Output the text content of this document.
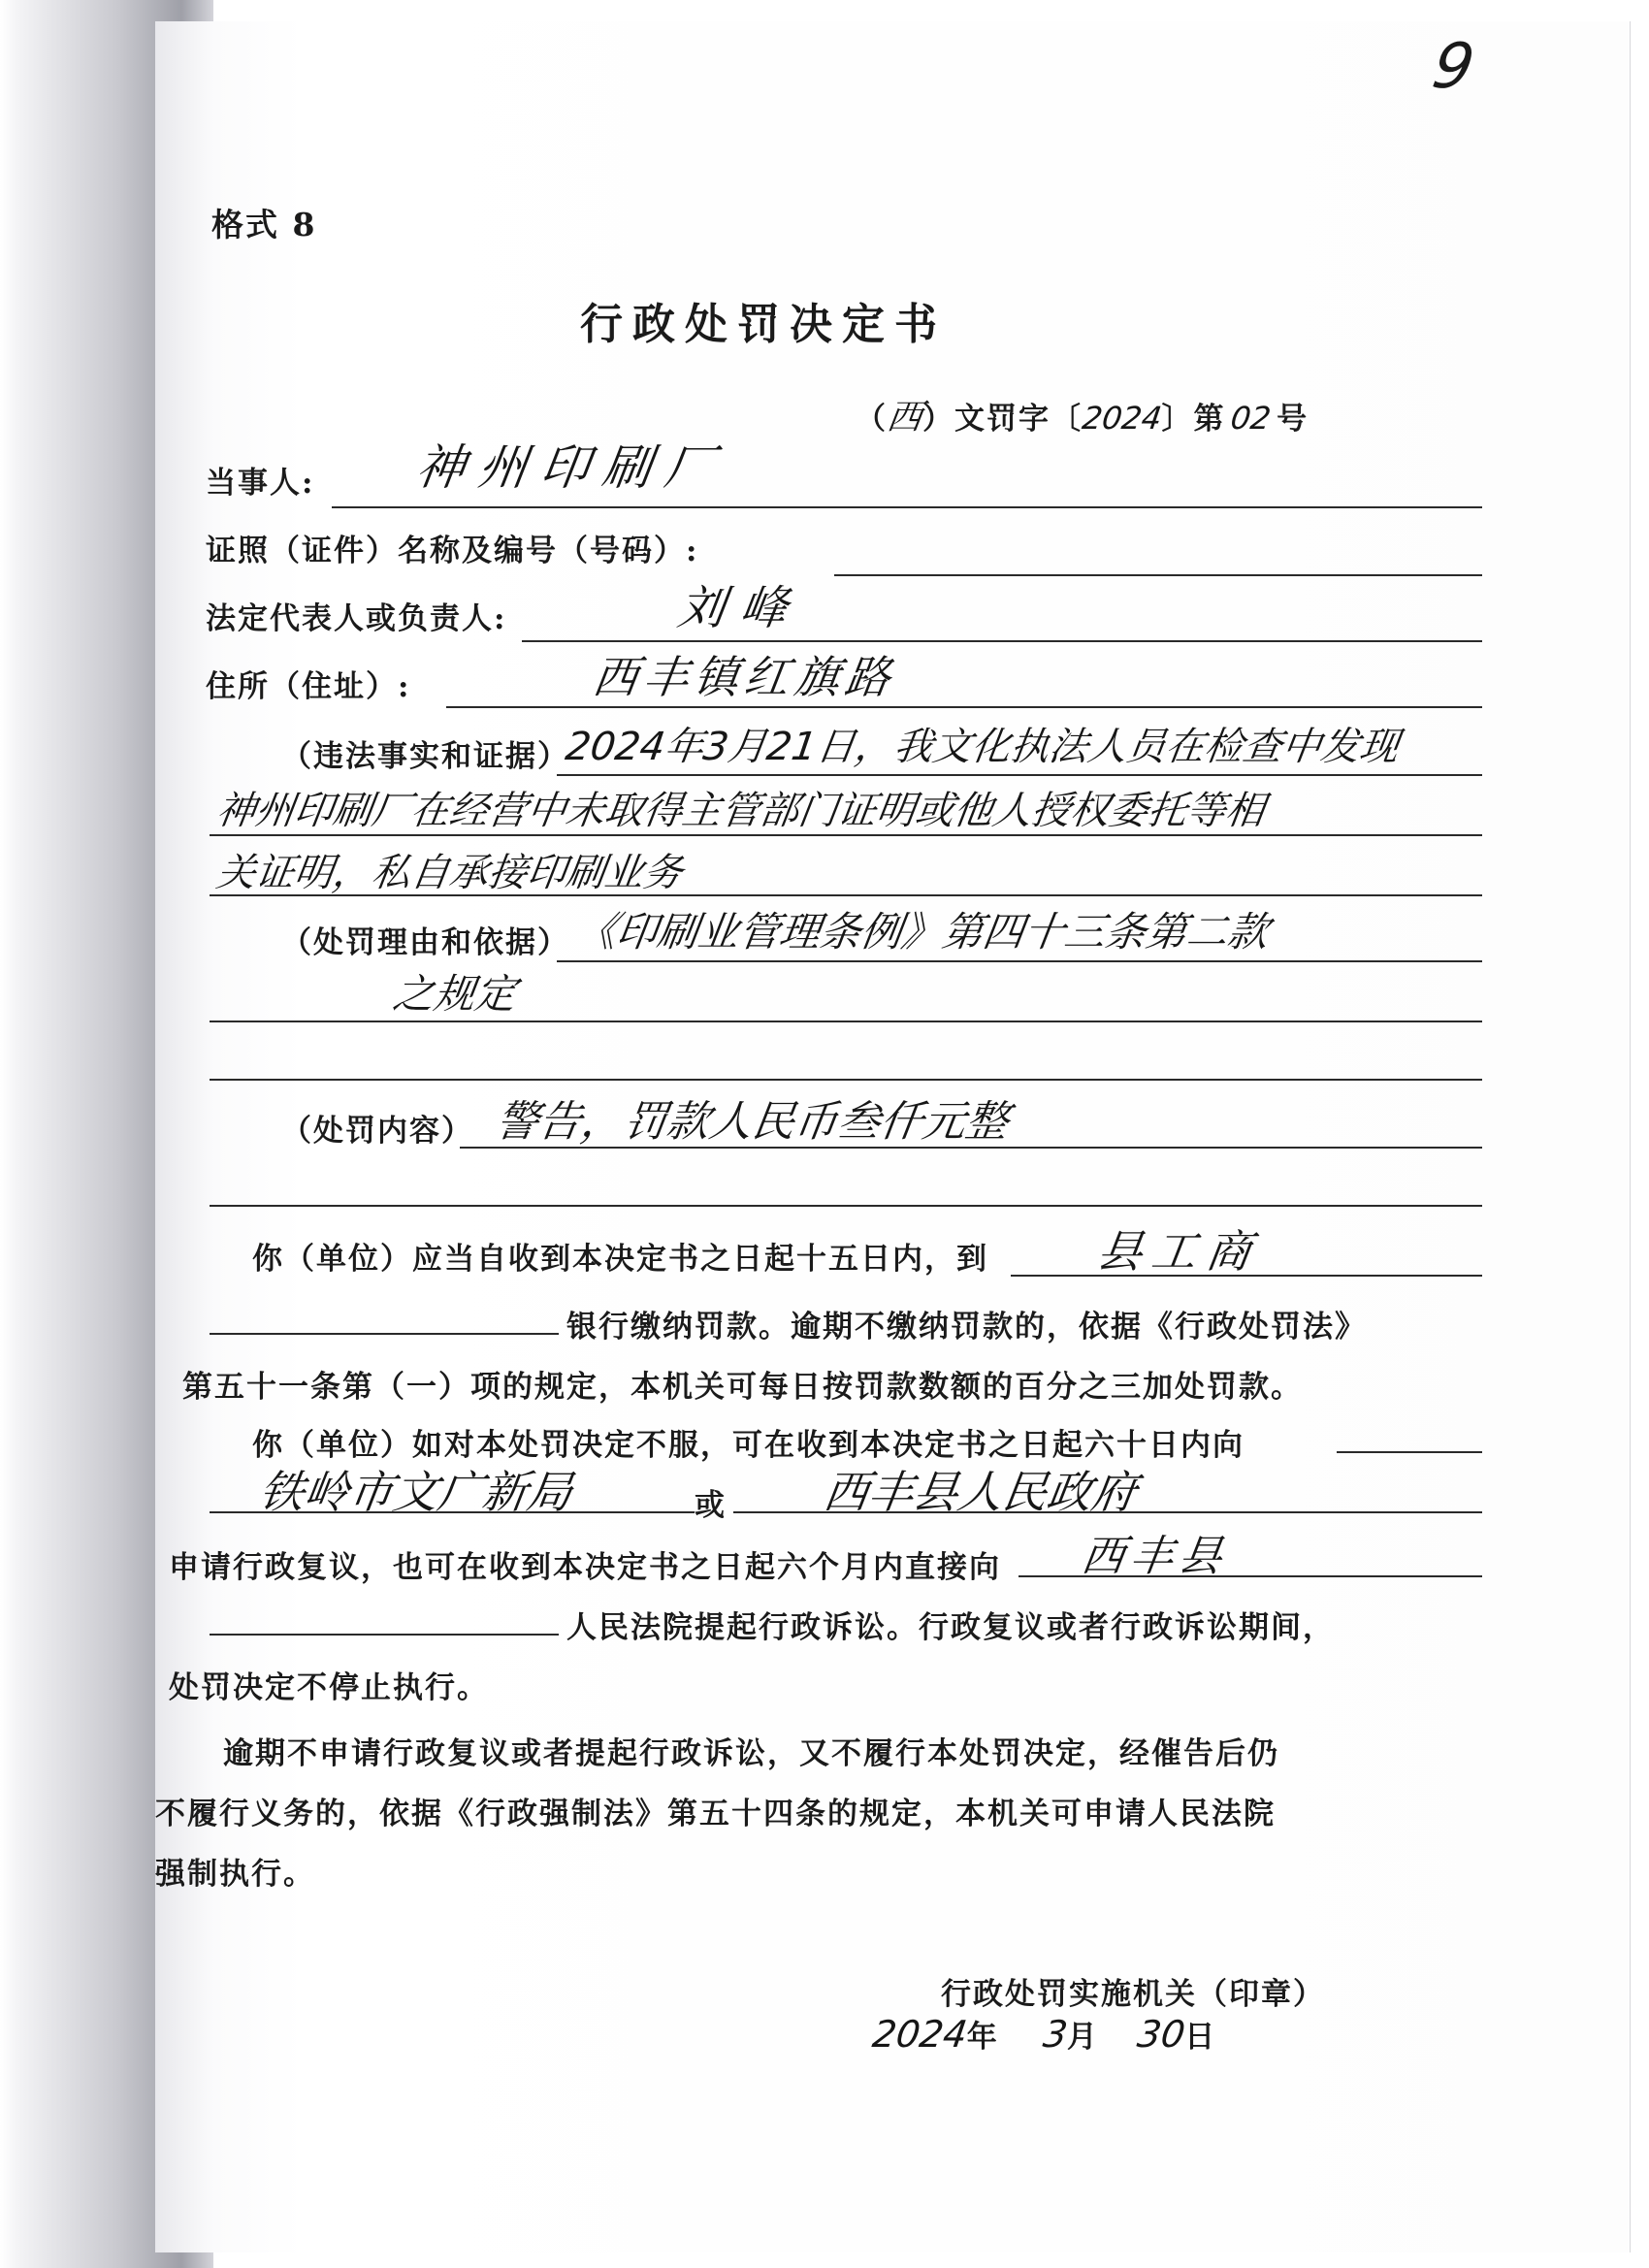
9
格式 8
行政处罚决定书
（西）文罚字〔2024〕第 02 号
当事人: 神州印刷厂
证照（证件）名称及编号（号码）:
法定代表人或负责人:	刘峰
住所（住址）:	西丰镇红旗路
（违法事实和证据）
2024年3月21日，我文化执法人员在检查中发现
神州印刷厂在经营中未取得主管部门证明或他人授权委托等相
关证明，私自承接印刷业务
（处罚理由和依据） 《印刷业管理条例》第四十三条第二款
之规定
（处罚内容） 警告，罚款人民币叁仟元整
你（单位）应当自收到本决定书之日起十五日内，到 县工商
银行缴纳罚款。逾期不缴纳罚款的，依据《行政处罚法》
第五十一条第（一）项的规定，本机关可每日按罚款数额的百分之三加处罚款。
你（单位）如对本处罚决定不服，可在收到本决定书之日起六十日内向
铁岭市文广新局	或 西丰县人民政府
申请行政复议，也可在收到本决定书之日起六个月内直接向 西丰县
人民法院提起行政诉讼。行政复议或者行政诉讼期间，
处罚决定不停止执行。
逾期不申请行政复议或者提起行政诉讼，又不履行本处罚决定，经催告后仍
不履行义务的，依据《行政强制法》第五十四条的规定，本机关可申请人民法院
强制执行。
行政处罚实施机关（印章）
2024年 3月 30日
